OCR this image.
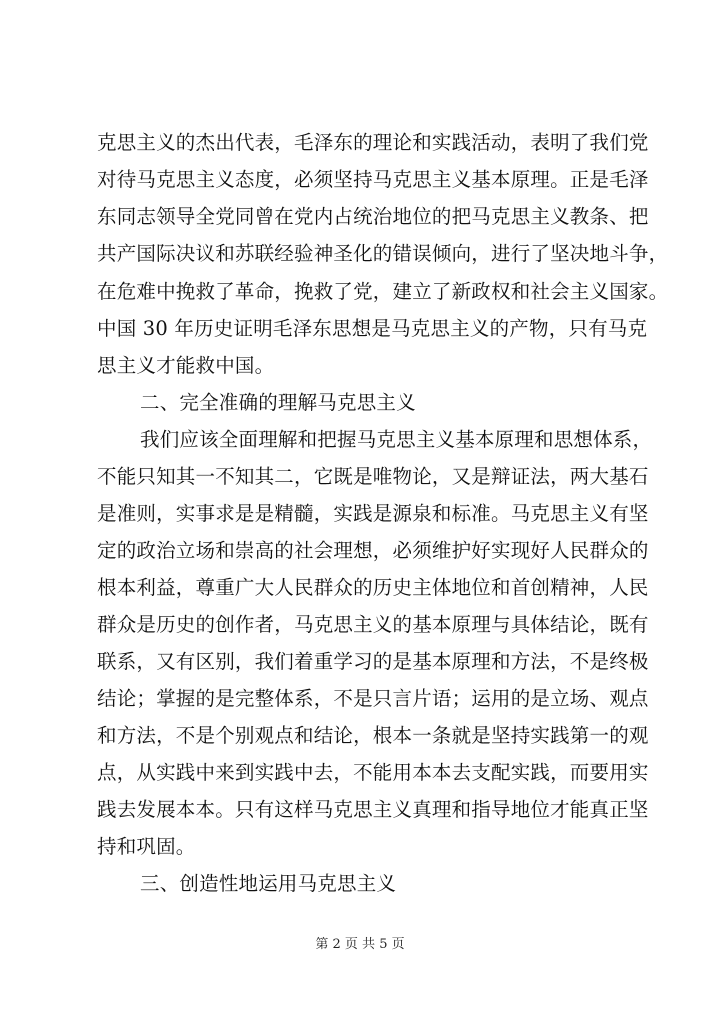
克思主义的杰出代表，毛泽东的理论和实践活动，表明了我们党
对待马克思主义态度，必须坚持马克思主义基本原理。正是毛泽
东同志领导全党同曾在党内占统治地位的把马克思主义教条、把
共产国际决议和苏联经验神圣化的错误倾向，进行了坚决地斗争，
在危难中挽救了革命，挽救了党，建立了新政权和社会主义国家。
中国 30 年历史证明毛泽东思想是马克思主义的产物，只有马克
思主义才能救中国。
二、完全准确的理解马克思主义
我们应该全面理解和把握马克思主义基本原理和思想体系，
不能只知其一不知其二，它既是唯物论，又是辩证法，两大基石
是准则，实事求是是精髓，实践是源泉和标准。马克思主义有坚
定的政治立场和崇高的社会理想，必须维护好实现好人民群众的
根本利益，尊重广大人民群众的历史主体地位和首创精神，人民
群众是历史的创作者，马克思主义的基本原理与具体结论，既有
联系，又有区别，我们着重学习的是基本原理和方法，不是终极
结论；掌握的是完整体系，不是只言片语；运用的是立场、观点
和方法，不是个别观点和结论，根本一条就是坚持实践第一的观
点，从实践中来到实践中去，不能用本本去支配实践，而要用实
践去发展本本。只有这样马克思主义真理和指导地位才能真正坚
持和巩固。
三、创造性地运用马克思主义
第 2 页 共 5 页
